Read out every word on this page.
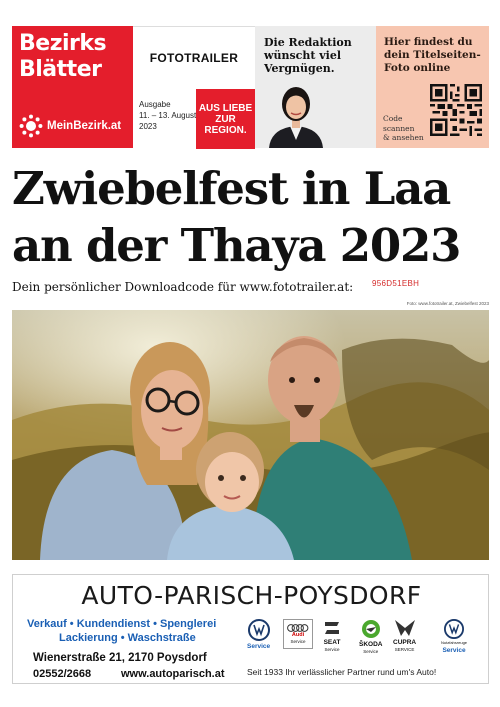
Bezirks
Blätter
MeinBezirk.at
FOTOTRAILER
Ausgabe
11. – 13. August
2023
AUS LIEBE
ZUR
REGION.
Die Redaktion
wünscht viel
Vergnügen.
Hier findest du
dein Titelseiten-
Foto online
Code
scannen
& ansehen
Zwiebelfest in Laa
an der Thaya 2023
Dein persönlicher Downloadcode für www.fototrailer.at: 956D51EBH
Foto: www.fototrailer.at, Zwiebelfest 2023
AUTO-PARISCH-POYSDORF
Verkauf • Kundendienst • Spenglerei
Lackierung • Waschstraße
Wienerstraße 21, 2170 Poysdorf
02552/2668	www.autoparisch.at	Seit 1933 Ihr verlässlicher Partner rund um's Auto!
Service
Audi
Service	SEAT
Service
ŠKODA
Service
CUPRA
SERVICE
Nutzfahrzeuge
Service
